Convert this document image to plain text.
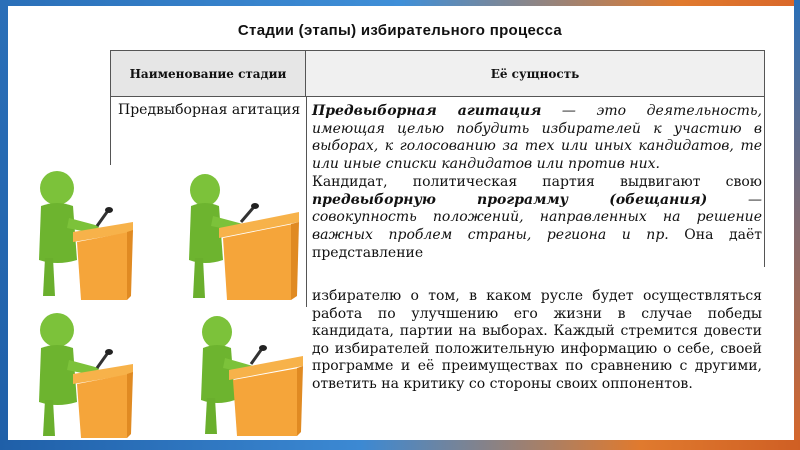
Стадии (этапы) избирательного процесса
Наименование стадии	Её сущность
Предвыборная агитация Предвыборная агитация — это деятельность, имеющая целью побудить избирателей к участию в выборах, к голосованию за тех или иных кандидатов, те или иные списки кандидатов или против них.
Кандидат, политическая партия выдвигают свою предвыборную программу (обещания) — совокупность положений, направленных на решение важных проблем страны, региона и пр. Она даёт представление
избирателю о том, в каком русле будет осуществляться работа по улучшению его жизни в случае победы кандидата, партии на выборах. Каждый стремится довести до избирателей положительную информацию о себе, своей программе и её преимуществах по сравнению с другими, ответить на критику со стороны своих оппонентов.
